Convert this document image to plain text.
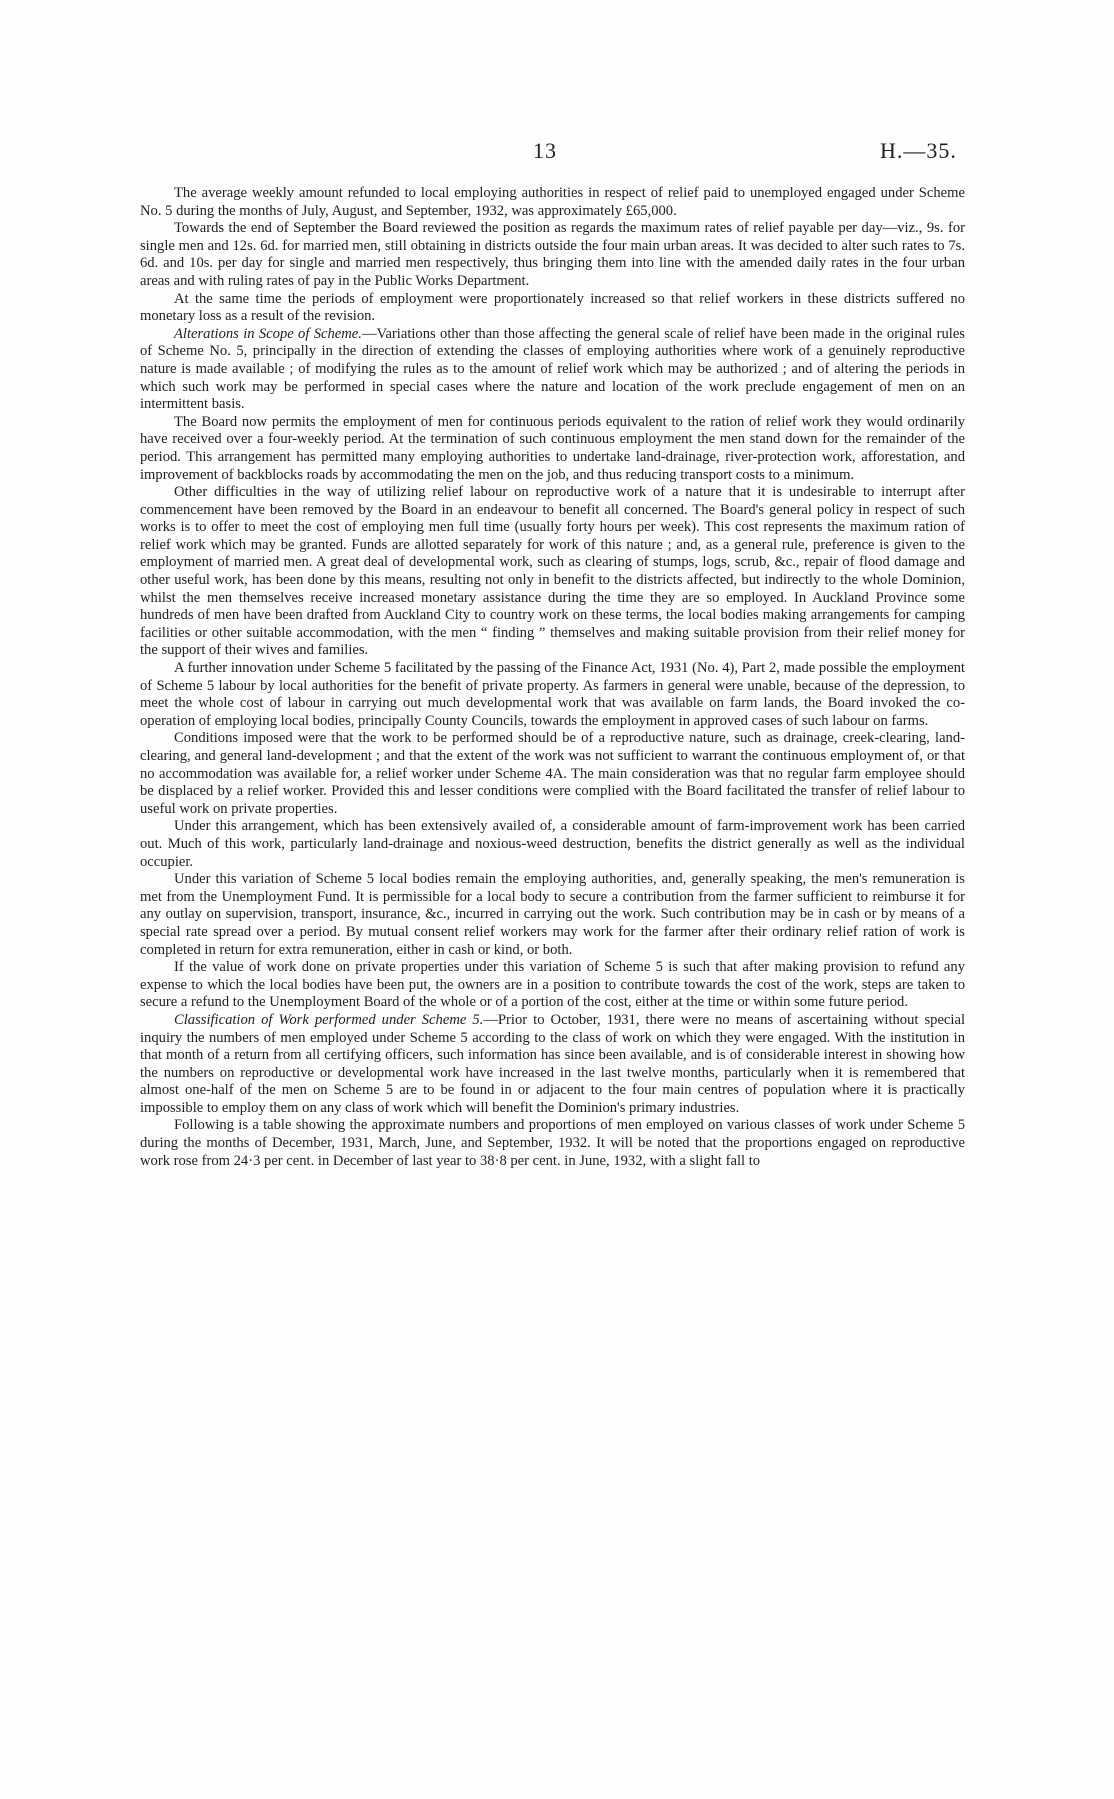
13	H.—35.

The average weekly amount refunded to local employing authorities in respect of relief paid to unemployed engaged under Scheme No. 5 during the months of July, August, and September, 1932, was approximately £65,000.

Towards the end of September the Board reviewed the position as regards the maximum rates of relief payable per day—viz., 9s. for single men and 12s. 6d. for married men, still obtaining in districts outside the four main urban areas. It was decided to alter such rates to 7s. 6d. and 10s. per day for single and married men respectively, thus bringing them into line with the amended daily rates in the four urban areas and with ruling rates of pay in the Public Works Department.

At the same time the periods of employment were proportionately increased so that relief workers in these districts suffered no monetary loss as a result of the revision.

Alterations in Scope of Scheme.—Variations other than those affecting the general scale of relief have been made in the original rules of Scheme No. 5, principally in the direction of extending the classes of employing authorities where work of a genuinely reproductive nature is made available ; of modifying the rules as to the amount of relief work which may be authorized ; and of altering the periods in which such work may be performed in special cases where the nature and location of the work preclude engagement of men on an intermittent basis.

The Board now permits the employment of men for continuous periods equivalent to the ration of relief work they would ordinarily have received over a four-weekly period. At the termination of such continuous employment the men stand down for the remainder of the period. This arrangement has permitted many employing authorities to undertake land-drainage, river-protection work, afforestation, and improvement of backblocks roads by accommodating the men on the job, and thus reducing transport costs to a minimum.

Other difficulties in the way of utilizing relief labour on reproductive work of a nature that it is undesirable to interrupt after commencement have been removed by the Board in an endeavour to benefit all concerned. The Board's general policy in respect of such works is to offer to meet the cost of employing men full time (usually forty hours per week). This cost represents the maximum ration of relief work which may be granted. Funds are allotted separately for work of this nature ; and, as a general rule, preference is given to the employment of married men. A great deal of developmental work, such as clearing of stumps, logs, scrub, &c., repair of flood damage and other useful work, has been done by this means, resulting not only in benefit to the districts affected, but indirectly to the whole Dominion, whilst the men themselves receive increased monetary assistance during the time they are so employed. In Auckland Province some hundreds of men have been drafted from Auckland City to country work on these terms, the local bodies making arrangements for camping facilities or other suitable accommodation, with the men “ finding ” themselves and making suitable provision from their relief money for the support of their wives and families.

A further innovation under Scheme 5 facilitated by the passing of the Finance Act, 1931 (No. 4), Part 2, made possible the employment of Scheme 5 labour by local authorities for the benefit of private property. As farmers in general were unable, because of the depression, to meet the whole cost of labour in carrying out much developmental work that was available on farm lands, the Board invoked the co-operation of employing local bodies, principally County Councils, towards the employment in approved cases of such labour on farms.

Conditions imposed were that the work to be performed should be of a reproductive nature, such as drainage, creek-clearing, land-clearing, and general land-development ; and that the extent of the work was not sufficient to warrant the continuous employment of, or that no accommodation was available for, a relief worker under Scheme 4A. The main consideration was that no regular farm employee should be displaced by a relief worker. Provided this and lesser conditions were complied with the Board facilitated the transfer of relief labour to useful work on private properties.

Under this arrangement, which has been extensively availed of, a considerable amount of farm-improvement work has been carried out. Much of this work, particularly land-drainage and noxious-weed destruction, benefits the district generally as well as the individual occupier.

Under this variation of Scheme 5 local bodies remain the employing authorities, and, generally speaking, the men's remuneration is met from the Unemployment Fund. It is permissible for a local body to secure a contribution from the farmer sufficient to reimburse it for any outlay on supervision, transport, insurance, &c., incurred in carrying out the work. Such contribution may be in cash or by means of a special rate spread over a period. By mutual consent relief workers may work for the farmer after their ordinary relief ration of work is completed in return for extra remuneration, either in cash or kind, or both.

If the value of work done on private properties under this variation of Scheme 5 is such that after making provision to refund any expense to which the local bodies have been put, the owners are in a position to contribute towards the cost of the work, steps are taken to secure a refund to the Unemployment Board of the whole or of a portion of the cost, either at the time or within some future period.

Classification of Work performed under Scheme 5.—Prior to October, 1931, there were no means of ascertaining without special inquiry the numbers of men employed under Scheme 5 according to the class of work on which they were engaged. With the institution in that month of a return from all certifying officers, such information has since been available, and is of considerable interest in showing how the numbers on reproductive or developmental work have increased in the last twelve months, particularly when it is remembered that almost one-half of the men on Scheme 5 are to be found in or adjacent to the four main centres of population where it is practically impossible to employ them on any class of work which will benefit the Dominion's primary industries.

Following is a table showing the approximate numbers and proportions of men employed on various classes of work under Scheme 5 during the months of December, 1931, March, June, and September, 1932. It will be noted that the proportions engaged on reproductive work rose from 24·3 per cent. in December of last year to 38·8 per cent. in June, 1932, with a slight fall to
